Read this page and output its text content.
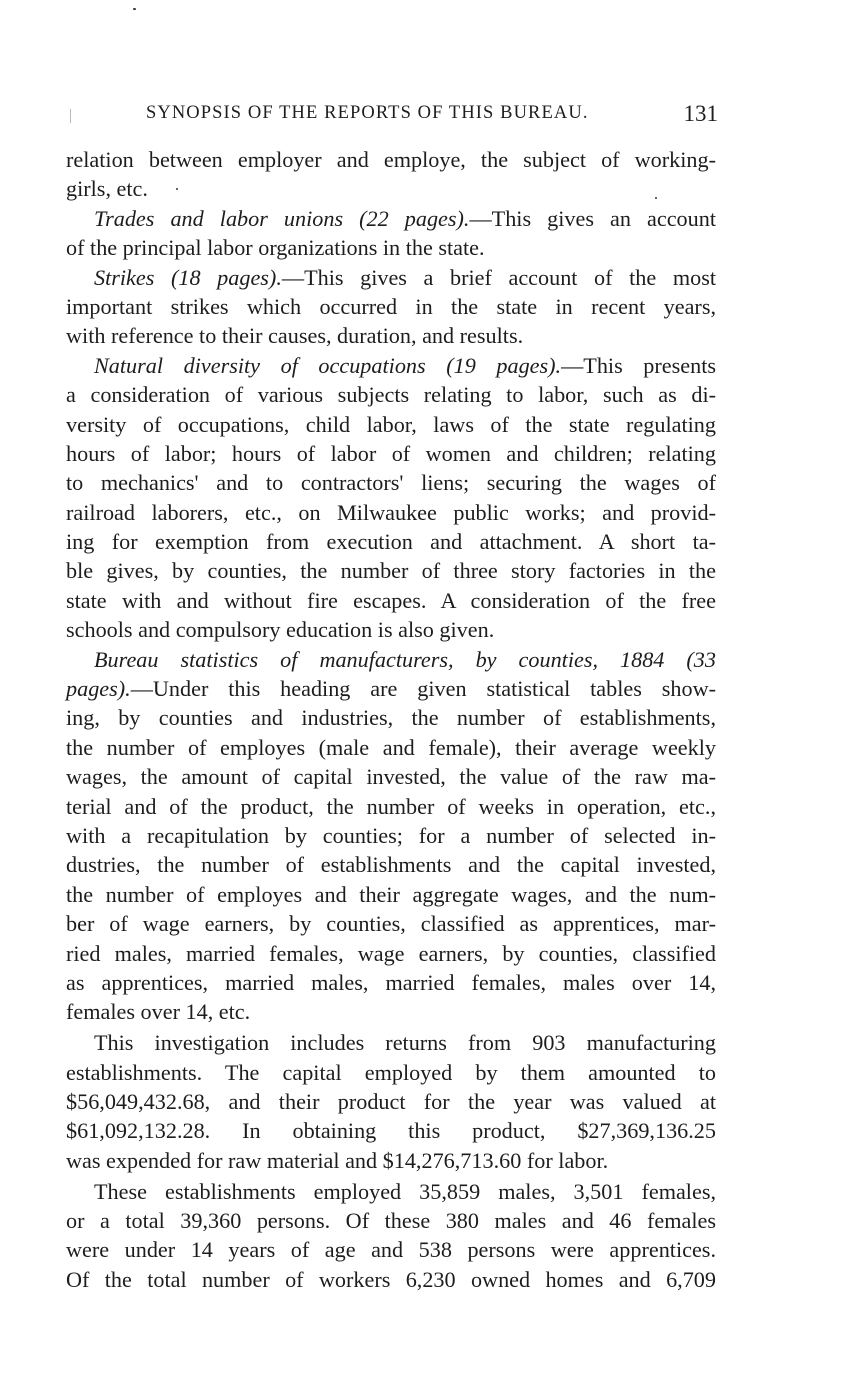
SYNOPSIS OF THE REPORTS OF THIS BUREAU.	131
relation between employer and employe, the subject of working-
girls, etc.
Trades and labor unions (22 pages).—This gives an account
of the principal labor organizations in the state.
Strikes (18 pages).—This gives a brief account of the most
important strikes which occurred in the state in recent years,
with reference to their causes, duration, and results.
Natural diversity of occupations (19 pages).—This presents
a consideration of various subjects relating to labor, such as di-
versity of occupations, child labor, laws of the state regulating
hours of labor; hours of labor of women and children; relating
to mechanics' and to contractors' liens; securing the wages of
railroad laborers, etc., on Milwaukee public works; and provid-
ing for exemption from execution and attachment. A short ta-
ble gives, by counties, the number of three story factories in the
state with and without fire escapes. A consideration of the free
schools and compulsory education is also given.
Bureau statistics of manufacturers, by counties, 1884 (33
pages).—Under this heading are given statistical tables show-
ing, by counties and industries, the number of establishments,
the number of employes (male and female), their average weekly
wages, the amount of capital invested, the value of the raw ma-
terial and of the product, the number of weeks in operation, etc.,
with a recapitulation by counties; for a number of selected in-
dustries, the number of establishments and the capital invested,
the number of employes and their aggregate wages, and the num-
ber of wage earners, by counties, classified as apprentices, mar-
ried males, married females, wage earners, by counties, classified
as apprentices, married males, married females, males over 14,
females over 14, etc.
This investigation includes returns from 903 manufacturing
establishments. The capital employed by them amounted to
$56,049,432.68, and their product for the year was valued at
$61,092,132.28. In obtaining this product, $27,369,136.25
was expended for raw material and $14,276,713.60 for labor.
These establishments employed 35,859 males, 3,501 females,
or a total 39,360 persons. Of these 380 males and 46 females
were under 14 years of age and 538 persons were apprentices.
Of the total number of workers 6,230 owned homes and 6,709
